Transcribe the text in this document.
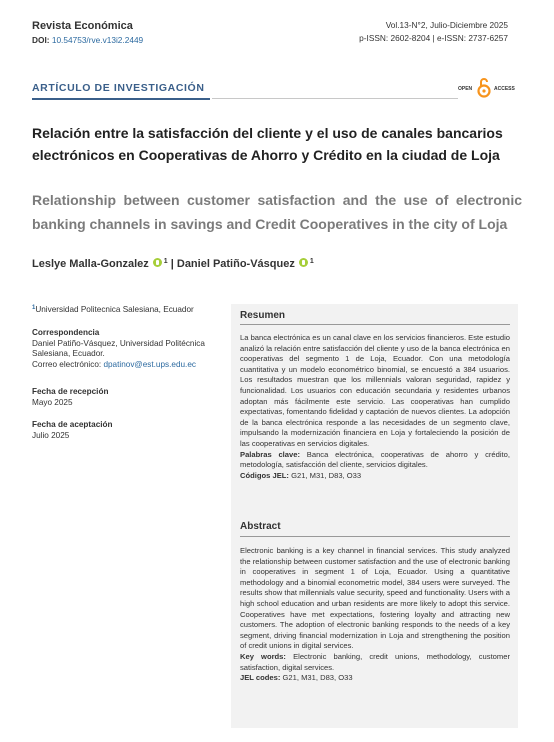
Revista Económica
DOI: 10.54753/rve.v13i2.2449
Vol.13-N°2, Julio-Diciembre 2025
p-ISSN: 2602-8204 | e-ISSN: 2737-6257
ARTÍCULO DE INVESTIGACIÓN	OPEN	ACCESS
Relación entre la satisfacción del cliente y el uso de canales bancarios electrónicos en Cooperativas de Ahorro y Crédito en la ciudad de Loja
Relationship between customer satisfaction and the use of electronic banking channels in savings and Credit Cooperatives in the city of Loja
Leslye Malla-Gonzalez $^1$ | Daniel Patiño-Vásquez $^1$
$^1$Universidad Politecnica Salesiana, Ecuador
Correspondencia
Daniel Patiño-Vásquez, Universidad Politécnica
Salesiana, Ecuador.
Correo electrónico: dpatinov@est.ups.edu.ec
Fecha de recepción
Mayo 2025
Fecha de aceptación
Julio 2025
Resumen
La banca electrónica es un canal clave en los servicios financieros. Este estudio analizó la relación entre satisfacción del cliente y uso de la banca electrónica en cooperativas del segmento 1 de Loja, Ecuador. Con una metodología cuantitativa y un modelo econométrico binomial, se encuestó a 384 usuarios. Los resultados muestran que los millennials valoran seguridad, rapidez y funcionalidad. Los usuarios con educación secundaria y residentes urbanos adoptan más fácilmente este servicio. Las cooperativas han cumplido expectativas, fomentando fidelidad y captación de nuevos clientes. La adopción de la banca electrónica responde a las necesidades de un segmento clave, impulsando la modernización financiera en Loja y fortaleciendo la posición de las cooperativas en servicios digitales.
Palabras clave: Banca electrónica, cooperativas de ahorro y crédito, metodología, satisfacción del cliente, servicios digitales.
Códigos JEL: G21, M31, D83, O33
Abstract
Electronic banking is a key channel in financial services. This study analyzed the relationship between customer satisfaction and the use of electronic banking in cooperatives in segment 1 of Loja, Ecuador. Using a quantitative methodology and a binomial econometric model, 384 users were surveyed. The results show that millennials value security, speed and functionality. Users with a high school education and urban residents are more likely to adopt this service. Cooperatives have met expectations, fostering loyalty and attracting new customers. The adoption of electronic banking responds to the needs of a key segment, driving financial modernization in Loja and strengthening the position of credit unions in digital services.
Key words: Electronic banking, credit unions, methodology, customer satisfaction, digital services.
JEL codes: G21, M31, D83, O33
